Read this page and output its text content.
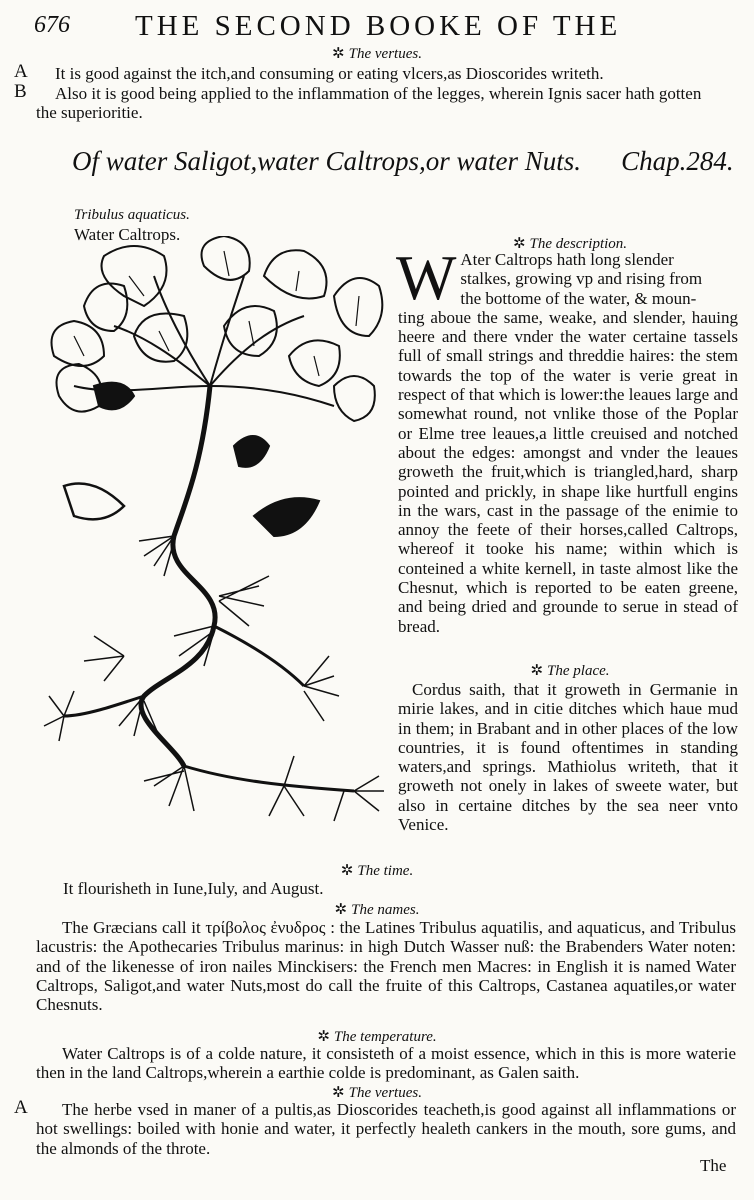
676 THE SECOND BOOKE OF THE
✲ The vertues.
A It is good against the itch,and consuming or eating vlcers,as Dioscorides writeth.
B Also it is good being applied to the inflammation of the legges, wherein Ignis sacer hath gotten
the superioritie.
Of water Saligot,water Caltrops,or water Nuts. Chap.284.
Tribulus aquaticus.
Water Caltrops.	✲ The description.
W Ater Caltrops hath long slender
stalkes, growing vp and rising from
the bottome of the water, & moun-
ting aboue the same, weake, and slender, hauing heere and there vnder the water certaine tassels full of small strings and threddie haires: the stem towards the top of the water is verie great in respect of that which is lower:the leaues large and somewhat round, not vnlike those of the Poplar or Elme tree leaues,a little creuised and notched about the edges: amongst and vnder the leaues groweth the fruit,which is triangled,hard, sharp pointed and prickly, in shape like hurtfull engins in the wars, cast in the passage of the enimie to annoy the feete of their horses,called Caltrops, whereof it tooke his name; within which is conteined a white kernell, in taste almost like the Chesnut, which is reported to be eaten greene, and being dried and grounde to serue in stead of bread.
✲ The place.
Cordus saith, that it groweth in Germanie in mirie lakes, and in citie ditches which haue mud in them; in Brabant and in other places of the low countries, it is found oftentimes in standing waters,and springs. Mathiolus writeth, that it groweth not onely in lakes of sweete water, but also in certaine ditches by the sea neer vnto Venice.
✲ The time.
It flourisheth in Iune,Iuly, and August.
✲ The names.
The Græcians call it τρίβολος ἐνυδρος : the Latines Tribulus aquatilis, and aquaticus, and Tribulus lacustris: the Apothecaries Tribulus marinus: in high Dutch Wasser nuß: the Brabenders Water noten: and of the likenesse of iron nailes Minckisers: the French men Macres: in English it is named Water Caltrops, Saligot,and water Nuts,most do call the fruite of this Caltrops, Castanea aquatiles,or water Chesnuts.
✲ The temperature.
Water Caltrops is of a colde nature, it consisteth of a moist essence, which in this is more waterie then in the land Caltrops,wherein a earthie colde is predominant, as Galen saith.
✲ The vertues.
A	The herbe vsed in maner of a pultis,as Dioscorides teacheth,is good against all inflammations or hot swellings: boiled with honie and water, it perfectly healeth cankers in the mouth, sore gums, and the almonds of the throte.
The
